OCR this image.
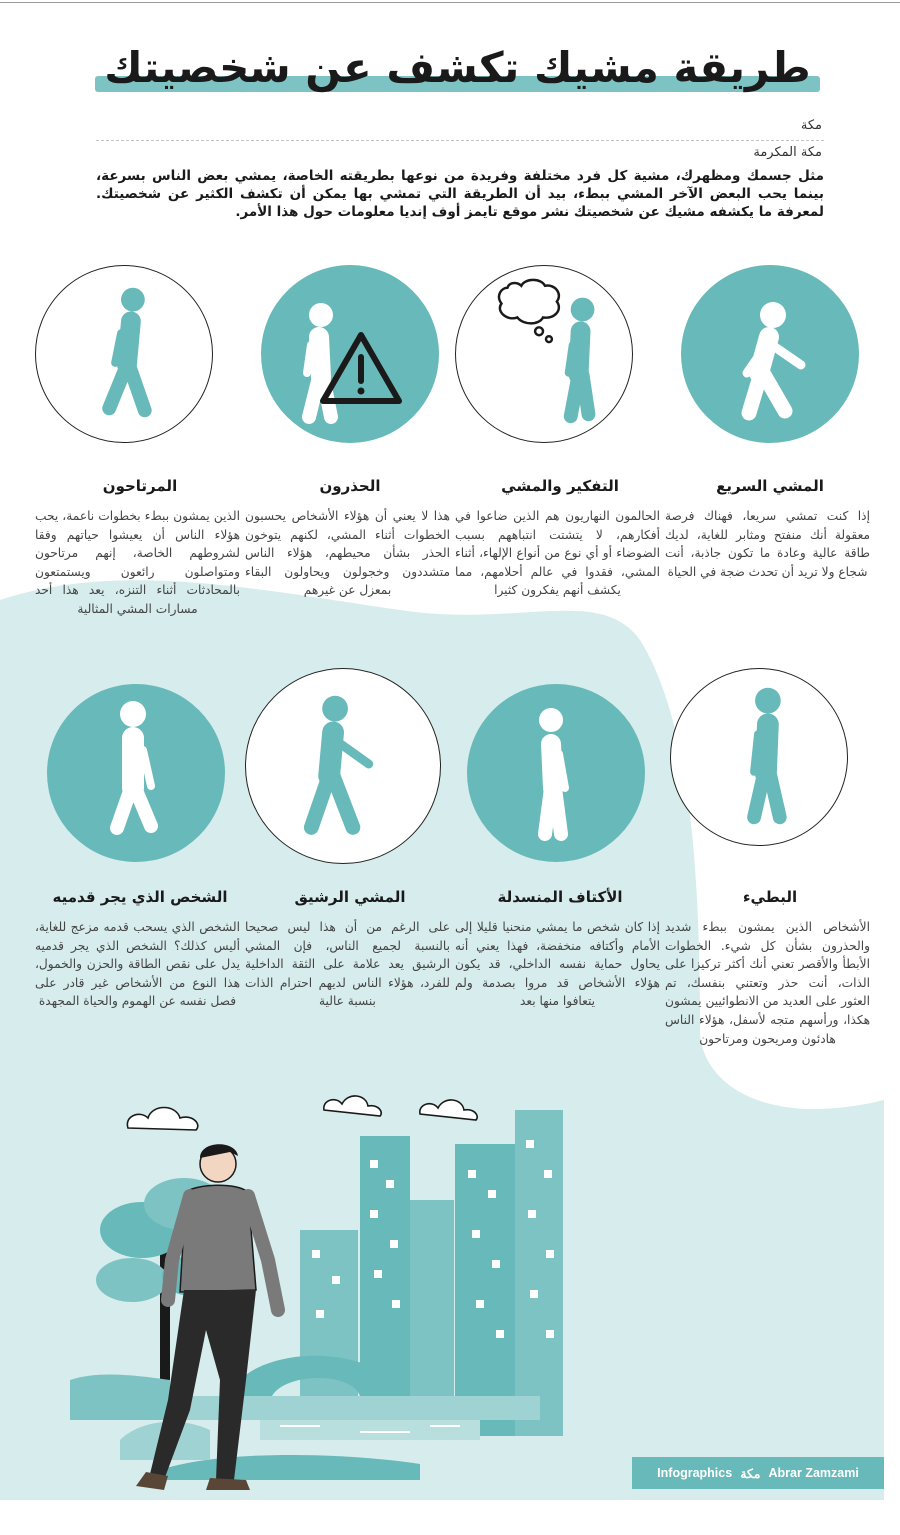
طريقة مشيك تكشف عن شخصيتك
مكة
مكة المكرمة
مثل جسمك ومظهرك، مشية كل فرد مختلفة وفريدة من نوعها بطريقته الخاصة، يمشي بعض الناس بسرعة، بينما يحب البعض الآخر المشي ببطء، بيد أن الطريقة التي تمشي بها يمكن أن تكشف الكثير عن شخصيتك. لمعرفة ما يكشفه مشيك عن شخصيتك نشر موقع تايمز أوف إنديا معلومات حول هذا الأمر.
المشي السريع
إذا كنت تمشي سريعا، فهناك فرصة معقولة أنك منفتح ومثابر للغاية، لديك طاقة عالية وعادة ما تكون جاذبة، أنت شجاع ولا تريد أن تحدث ضجة في الحياة
التفكير والمشي
الحالمون النهاريون هم الذين ضاعوا في أفكارهم، لا يتشتت انتباههم بسبب الضوضاء أو أي نوع من أنواع الإلهاء، أثناء المشي، فقدوا في عالم أحلامهم، مما يكشف أنهم يفكرون كثيرا
الحذرون
هذا لا يعني أن هؤلاء الأشخاص يحسبون الخطوات أثناء المشي، لكنهم يتوخون الحذر بشأن محيطهم، هؤلاء الناس متشددون وخجولون ويحاولون البقاء بمعزل عن غيرهم
المرتاحون
الذين يمشون ببطء بخطوات ناعمة، يحب هؤلاء الناس أن يعيشوا حياتهم وفقا لشروطهم الخاصة، إنهم مرتاحون ومتواصلون رائعون ويستمتعون بالمحادثات أثناء التنزه، يعد هذا أحد مسارات المشي المثالية
البطيء
الأشخاص الذين يمشون ببطء شديد والحذرون بشأن كل شيء. الخطوات الأبطأ والأقصر تعني أنك أكثر تركيزا على الذات، أنت حذر وتعتني بنفسك، تم العثور على العديد من الانطوائيين يمشون هكذا، ورأسهم متجه لأسفل، هؤلاء الناس هادئون ومريحون ومرتاحون
الأكتاف المنسدلة
إذا كان شخص ما يمشي منحنيا قليلا إلى الأمام وأكتافه منخفضة، فهذا يعني أنه يحاول حماية نفسه الداخلي، قد يكون هؤلاء الأشخاص قد مروا بصدمة ولم يتعافوا منها بعد
المشي الرشيق
على الرغم من أن هذا ليس صحيحا بالنسبة لجميع الناس، فإن المشي الرشيق يعد علامة على الثقة الداخلية للفرد، هؤلاء الناس لديهم احترام الذات بنسبة عالية
الشخص الذي يجر قدميه
الشخص الذي يسحب قدمه مزعج للغاية، أليس كذلك؟ الشخص الذي يجر قدميه يدل على نقص الطاقة والحزن والخمول، هذا النوع من الأشخاص غير قادر على فصل نفسه عن الهموم والحياة المجهدة
Infographics مكة Abrar Zamzami
